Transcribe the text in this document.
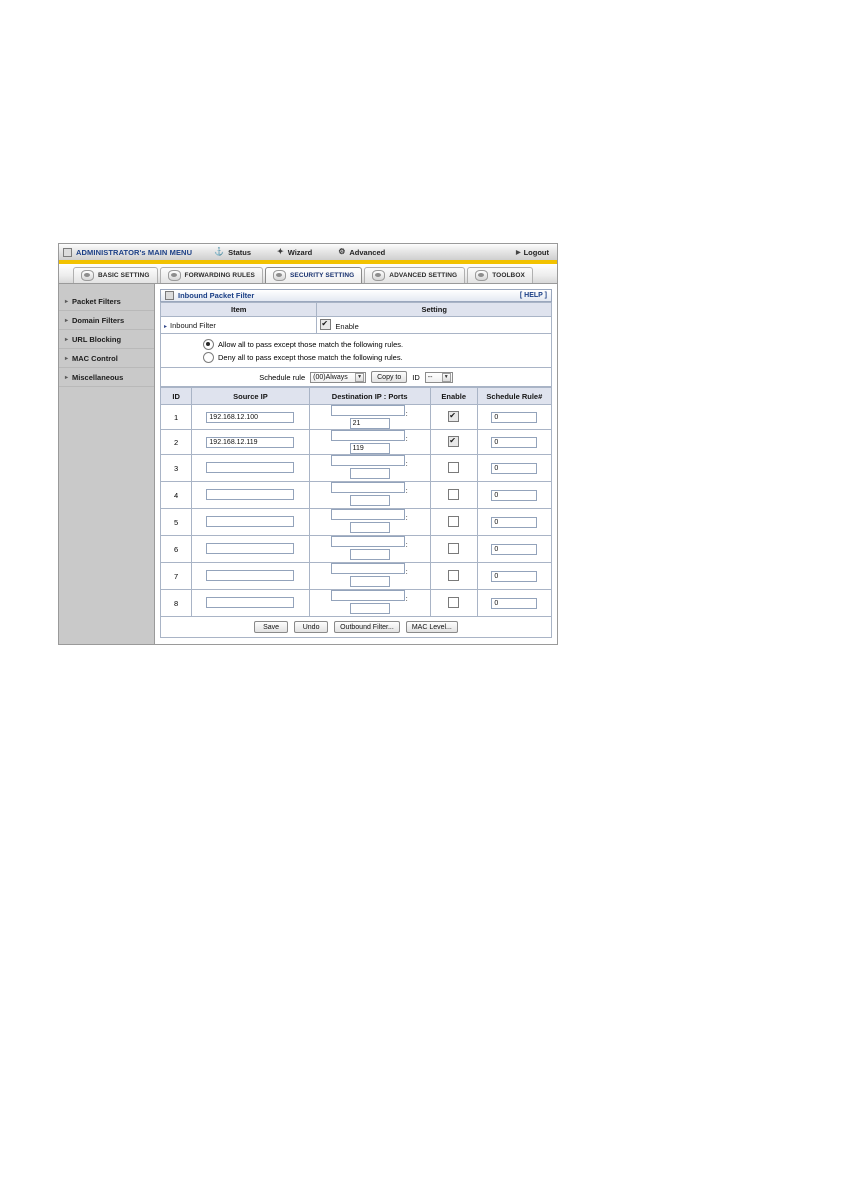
ADMINISTRATOR's MAIN MENU	⚓ Status	✦ Wizard	⚙ Advanced	▶ Logout
BASIC SETTING	FORWARDING RULES	SECURITY SETTING	ADVANCED SETTING	TOOLBOX
▸ Packet Filters
▸ Domain Filters
▸ URL Blocking
▸ MAC Control
▸ Miscellaneous
Inbound Packet Filter	[ HELP ]
Item	Setting
▸ Inbound Filter	✔Enable
Allow all to pass except those match the following rules.
Deny all to pass except those match the following rules.
Schedule rule (00)Always	▼	Copy to	ID --	▼
ID	Source IP	Destination IP : Ports	Enable	Schedule Rule#
1	192.168.12.100	:21	✔	0
2	192.168.12.119	:119	✔	0
3		:		0
4		:		0
5		:		0
6		:		0
7		:		0
8		:		0
Save	Undo	Outbound Filter...	MAC Level...
